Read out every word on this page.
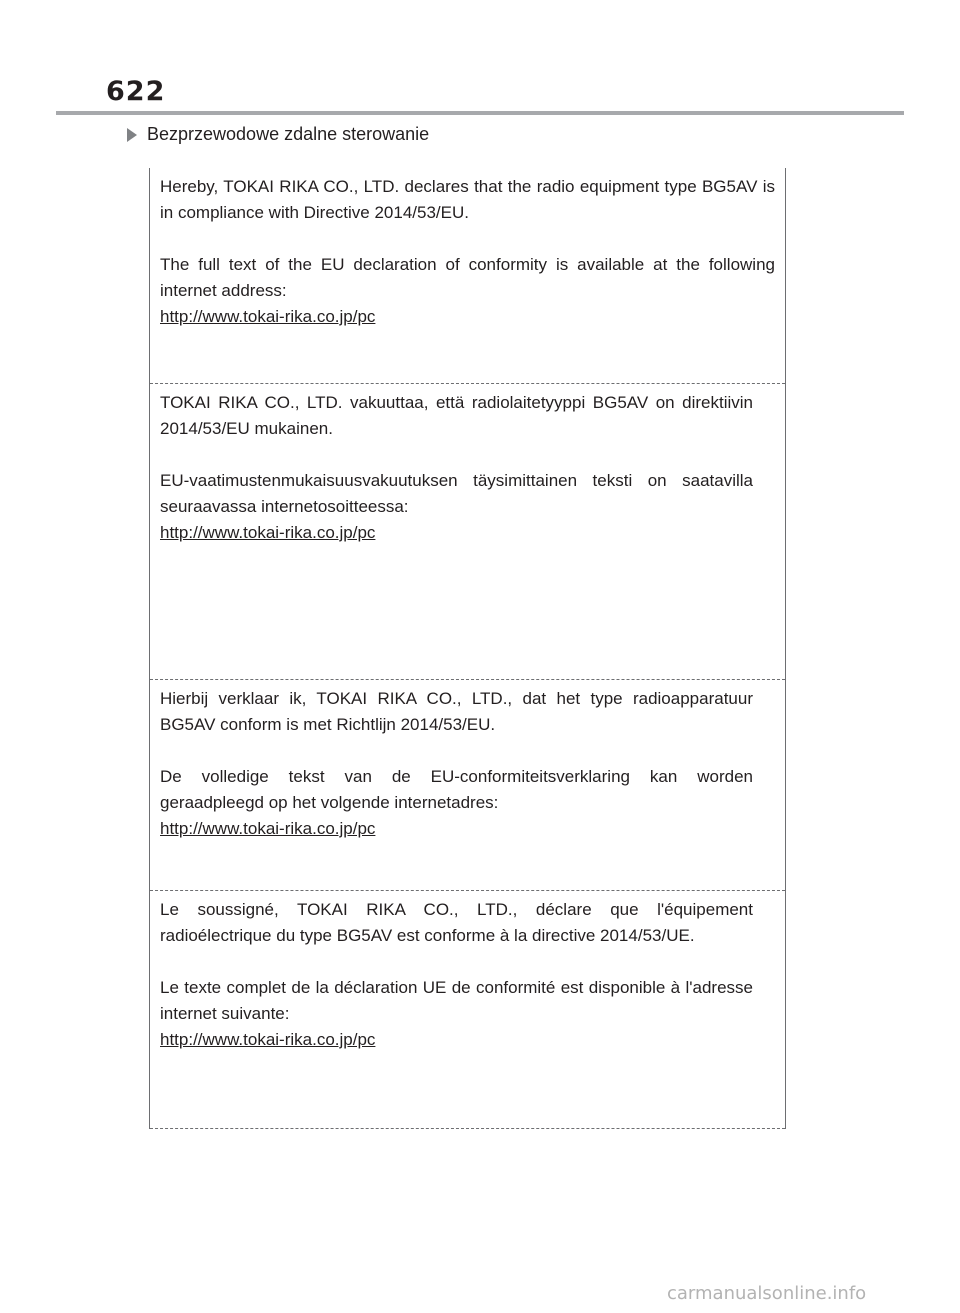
622
Bezprzewodowe zdalne sterowanie

Hereby, TOKAI RIKA CO., LTD. declares that the radio equipment type BG5AV is in compliance with Directive 2014/53/EU.

The full text of the EU declaration of conformity is available at the following internet address:
http://www.tokai-rika.co.jp/pc

TOKAI RIKA CO., LTD. vakuuttaa, että radiolaitetyyppi BG5AV on direktiivin 2014/53/EU mukainen.

EU-vaatimustenmukaisuusvakuutuksen täysimittainen teksti on saatavilla seuraavassa internetosoitteessa:
http://www.tokai-rika.co.jp/pc

Hierbij verklaar ik, TOKAI RIKA CO., LTD., dat het type radioapparatuur BG5AV conform is met Richtlijn 2014/53/EU.

De volledige tekst van de EU-conformiteitsverklaring kan worden geraadpleegd op het volgende internetadres:
http://www.tokai-rika.co.jp/pc

Le soussigné, TOKAI RIKA CO., LTD., déclare que l'équipement radioélectrique du type BG5AV est conforme à la directive 2014/53/UE.

Le texte complet de la déclaration UE de conformité est disponible à l'adresse internet suivante:
http://www.tokai-rika.co.jp/pc

carmanualsonline.info
